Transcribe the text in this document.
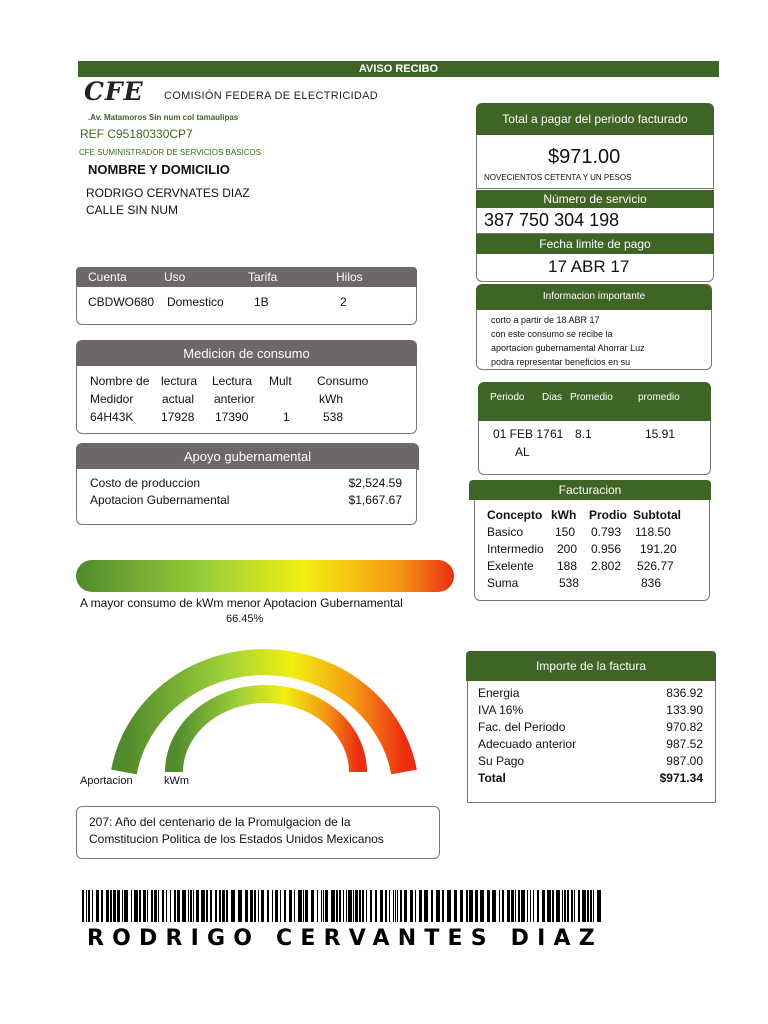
AVISO RECIBO
CFE COMISIÓN FEDERA DE ELECTRICIDAD
.Av. Matamoros Sin num col tamaulipas
REF C95180330CP7
CFE SUMINISTRADOR DE SERVICIOS BASICOS
NOMBRE Y DOMICILIO
RODRIGO CERVNATES DIAZ
CALLE SIN NUM
Cuenta	Uso	Tarifa	Hilos
CBDWO680 Domestico	1B	2
Medicion de consumo
Nombre de lectura Lectura Mult Consumo
Medidor actual anterior	kWh
64H43K 17928 17390	1	538
Apoyo gubernamental
Costo de produccion	$2,524.59
Apotacion Gubernamental	$1,667.67
A mayor consumo de kWm menor Apotacion Gubernamental
66.45%
Aportacion	kWm
207: Año del centenario de la Promulgacion de la
Comstitucion Politica de los Estados Unidos Mexicanos
Total a pagar del periodo facturado
$971.00
NOVECIENTOS CETENTA Y UN PESOS
Número de servicio
387 750 304 198
Fecha limite de pago
17 ABR 17
Informacion importante
corto a partir de 18 ABR 17
con este consumo se recibe la
aportacion gubernamental Ahorrar Luz
podra representar beneficios en su
Periodo Dias Promedio	promedio
01 FEB 17 61 8.1	15.91
AL
Facturacion
Concepto kWh Prodio Subtotal
Basico	150 0.793 118.50
Intermedio 200 0.956 191.20
Exelente 188 2.802 526.77
Suma	538	836
Importe de la factura
Energia	836.92
IVA 16%	133.90
Fac. del Periodo	970.82
Adecuado anterior	987.52
Su Pago	987.00
Total	$971.34
RODRIGO CERVANTES DIAZ
